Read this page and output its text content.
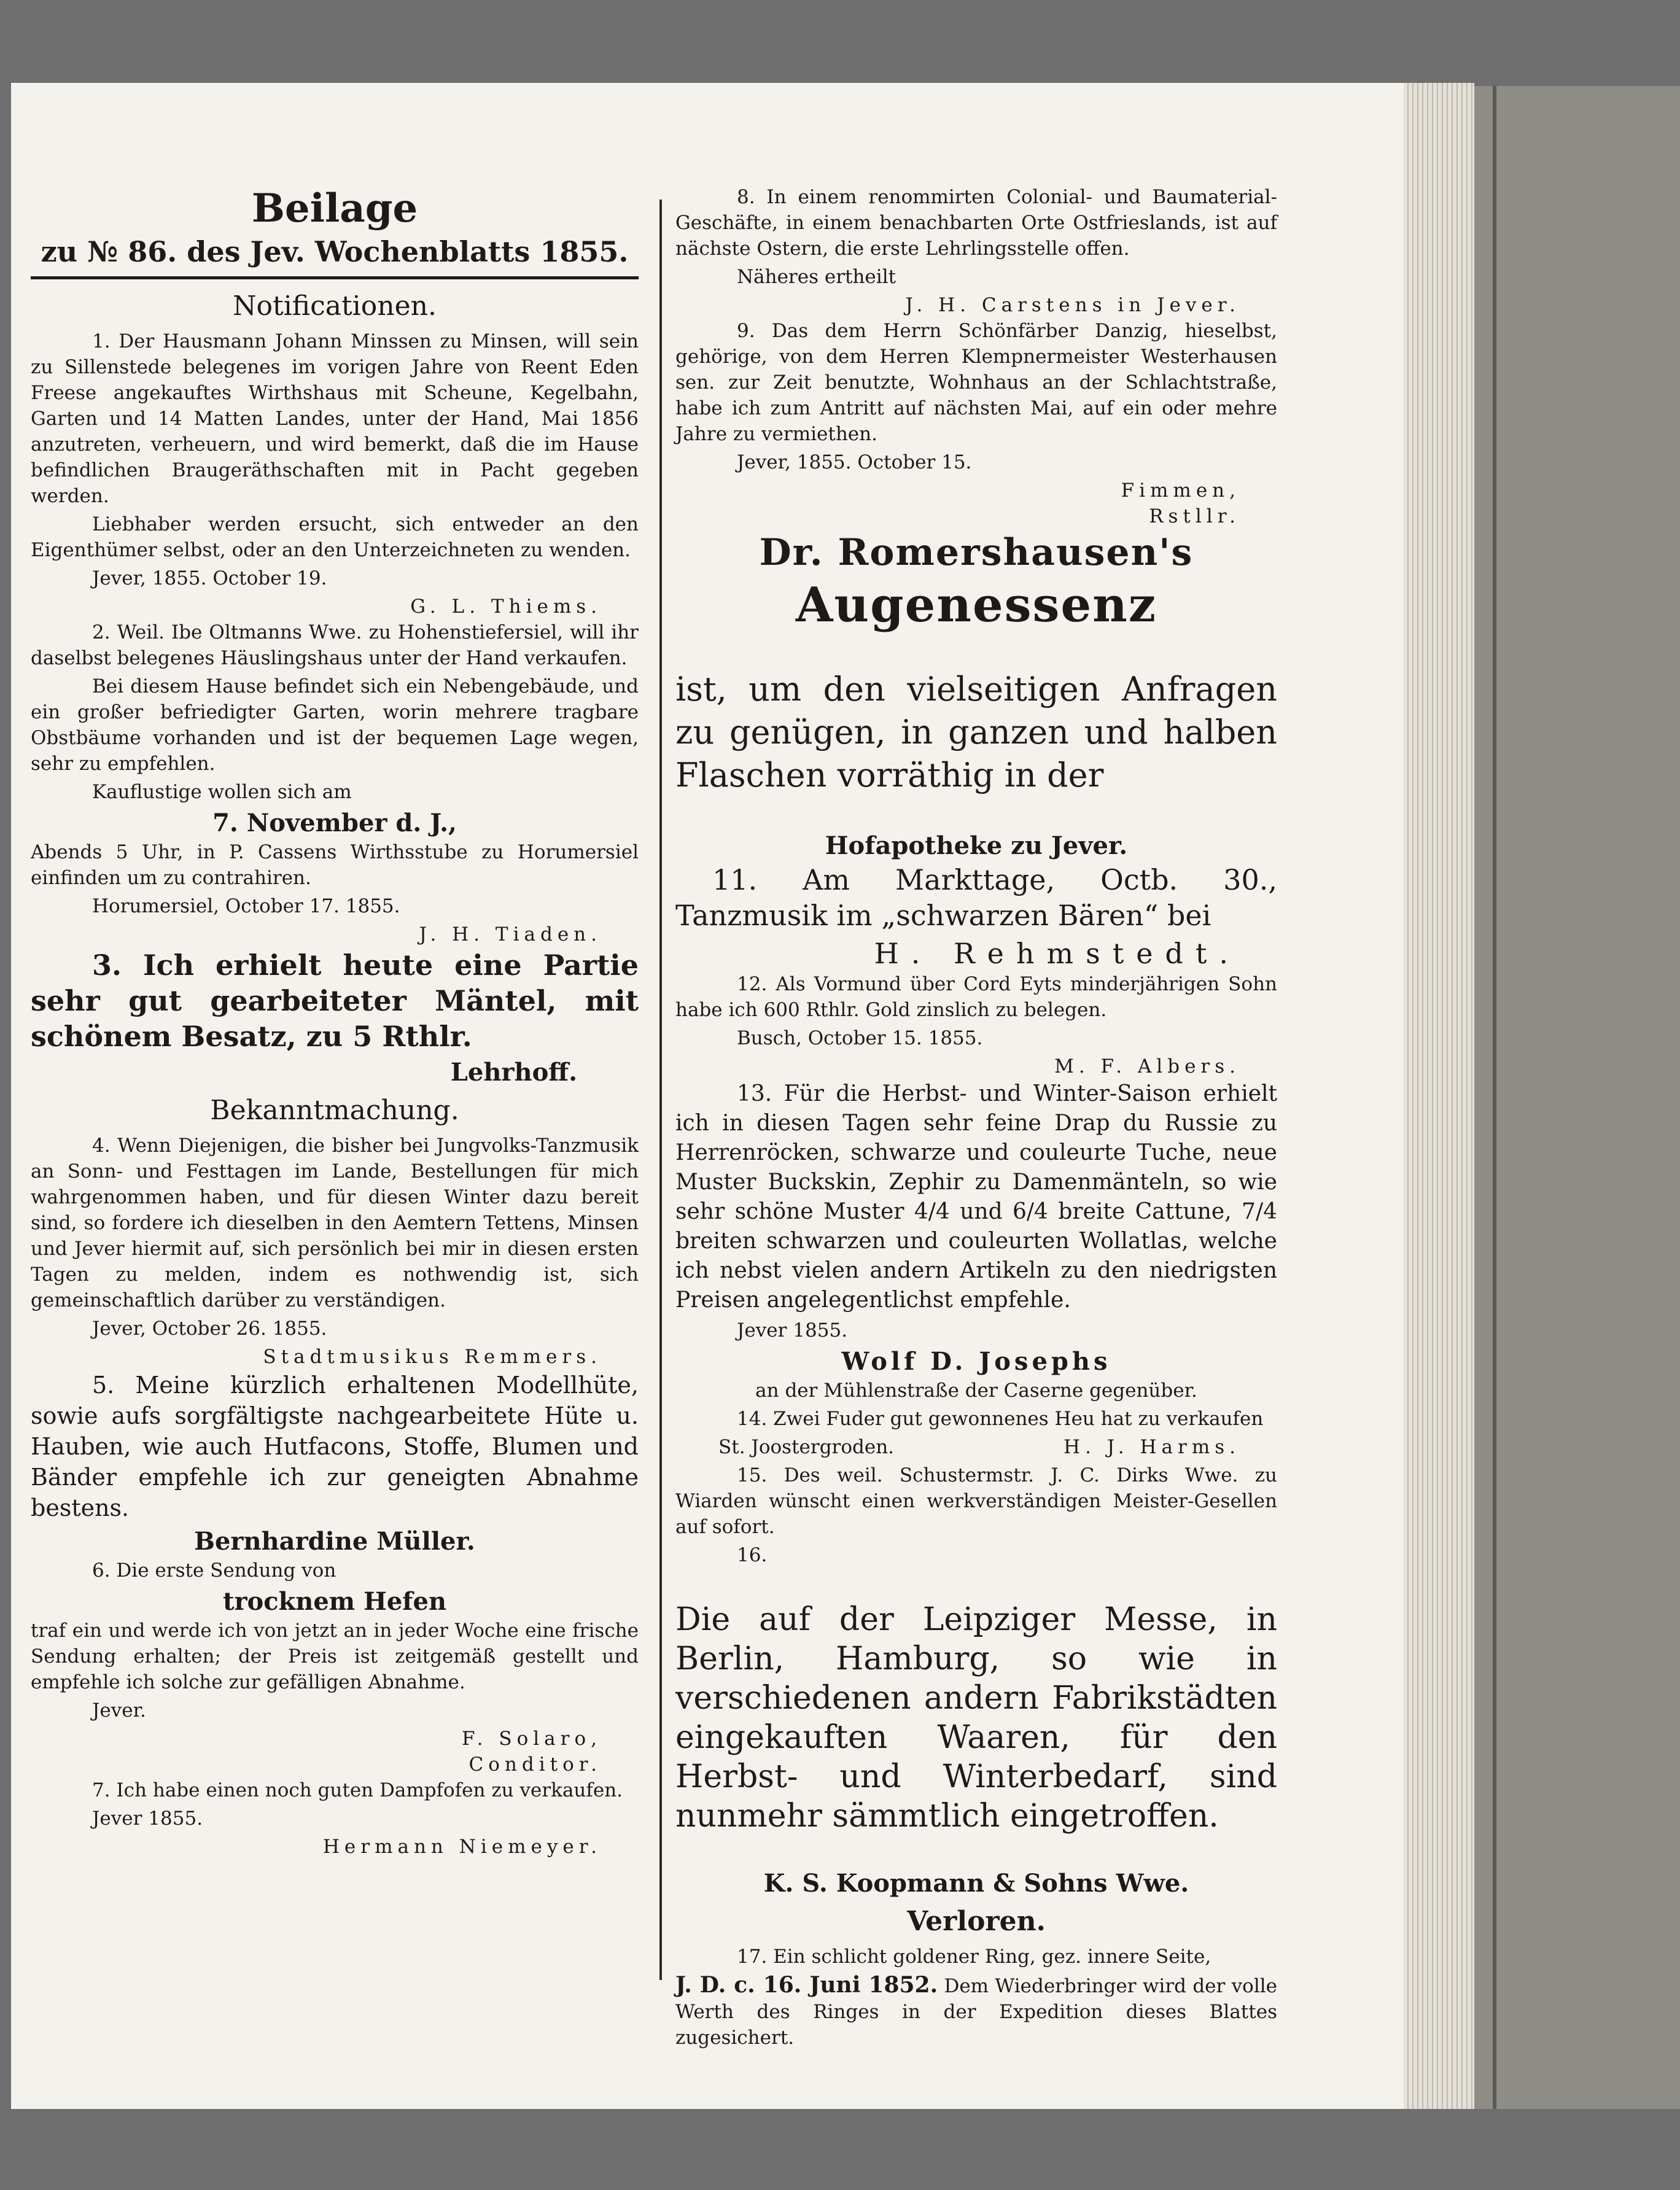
Beilage
zu № 86. des Jev. Wochenblatts 1855.
Notificationen.

1. Der Hausmann Johann Minssen zu Minsen, will sein zu Sillenstede belegenes im vorigen Jahre von Reent Eden Freese angekauftes Wirthshaus mit Scheune, Kegelbahn, Garten und 14 Matten Landes, unter der Hand, Mai 1856 anzutreten, verheuern, und wird bemerkt, daß die im Hause befindlichen Braugeräthschaften mit in Pacht gegeben werden.

Liebhaber werden ersucht, sich entweder an den Eigenthümer selbst, oder an den Unterzeichneten zu wenden.

Jever, 1855. October 19.

G. L. Thiems.

2. Weil. Ibe Oltmanns Wwe. zu Hohenstiefersiel, will ihr daselbst belegenes Häuslingshaus unter der Hand verkaufen.

Bei diesem Hause befindet sich ein Nebengebäude, und ein großer befriedigter Garten, worin mehrere tragbare Obstbäume vorhanden und ist der bequemen Lage wegen, sehr zu empfehlen.

Kauflustige wollen sich am

7. November d. J.,

Abends 5 Uhr, in P. Cassens Wirthsstube zu Horumersiel einfinden um zu contrahiren.

Horumersiel, October 17. 1855.

J. H. Tiaden.

3. Ich erhielt heute eine Partie sehr gut gearbeiteter Mäntel, mit schönem Besatz, zu 5 Rthlr.

Lehrhoff.
Bekanntmachung.

4. Wenn Diejenigen, die bisher bei Jungvolks-Tanzmusik an Sonn- und Festtagen im Lande, Bestellungen für mich wahrgenommen haben, und für diesen Winter dazu bereit sind, so fordere ich dieselben in den Aemtern Tettens, Minsen und Jever hiermit auf, sich persönlich bei mir in diesen ersten Tagen zu melden, indem es nothwendig ist, sich gemeinschaftlich darüber zu verständigen.

Jever, October 26. 1855.

Stadtmusikus Remmers.

5. Meine kürzlich erhaltenen Modellhüte, sowie aufs sorgfältigste nachgearbeitete Hüte u. Hauben, wie auch Hutfacons, Stoffe, Blumen und Bänder empfehle ich zur geneigten Abnahme bestens.

Bernhardine Müller.

6. Die erste Sendung von

trocknem Hefen

traf ein und werde ich von jetzt an in jeder Woche eine frische Sendung erhalten; der Preis ist zeitgemäß gestellt und empfehle ich solche zur gefälligen Abnahme.

Jever.

F. Solaro,
Conditor.

7. Ich habe einen noch guten Dampfofen zu verkaufen.

Jever 1855.

Hermann Niemeyer.

8. In einem renommirten Colonial- und Baumaterial-Geschäfte, in einem benachbarten Orte Ostfrieslands, ist auf nächste Ostern, die erste Lehrlingsstelle offen.

Näheres ertheilt

J. H. Carstens in Jever.

9. Das dem Herrn Schönfärber Danzig, hieselbst, gehörige, von dem Herren Klempnermeister Westerhausen sen. zur Zeit benutzte, Wohnhaus an der Schlachtstraße, habe ich zum Antritt auf nächsten Mai, auf ein oder mehre Jahre zu vermiethen.

Jever, 1855. October 15.

Fimmen,
Rstllr.
Dr. Romershausen's
Augenessenz

ist, um den vielseitigen Anfragen zu genügen, in ganzen und halben Flaschen vorräthig in der

Hofapotheke zu Jever.

11. Am Markttage, Octb. 30., Tanzmusik im „schwarzen Bären“ bei

H. Rehmstedt.

12. Als Vormund über Cord Eyts minderjährigen Sohn habe ich 600 Rthlr. Gold zinslich zu belegen.

Busch, October 15. 1855.

M. F. Albers.

13. Für die Herbst- und Winter-Saison erhielt ich in diesen Tagen sehr feine Drap du Russie zu Herrenröcken, schwarze und couleurte Tuche, neue Muster Buckskin, Zephir zu Damenmänteln, so wie sehr schöne Muster 4/4 und 6/4 breite Cattune, 7/4 breiten schwarzen und couleurten Wollatlas, welche ich nebst vielen andern Artikeln zu den niedrigsten Preisen angelegentlichst empfehle.

Jever 1855.

Wolf D. Josephs

an der Mühlenstraße der Caserne gegenüber.

14. Zwei Fuder gut gewonnenes Heu hat zu verkaufen

St. Joostergroden.	H. J. Harms.

15. Des weil. Schustermstr. J. C. Dirks Wwe. zu Wiarden wünscht einen werkverständigen Meister-Gesellen auf sofort.

16.

Die auf der Leipziger Messe, in Berlin, Hamburg, so wie in verschiedenen andern Fabrikstädten eingekauften Waaren, für den Herbst- und Winterbedarf, sind nunmehr sämmtlich eingetroffen.

K. S. Koopmann & Sohns Wwe.
Verloren.

17. Ein schlicht goldener Ring, gez. innere Seite,

J. D. c. 16. Juni 1852. Dem Wiederbringer wird der volle Werth des Ringes in der Expedition dieses Blattes zugesichert.
